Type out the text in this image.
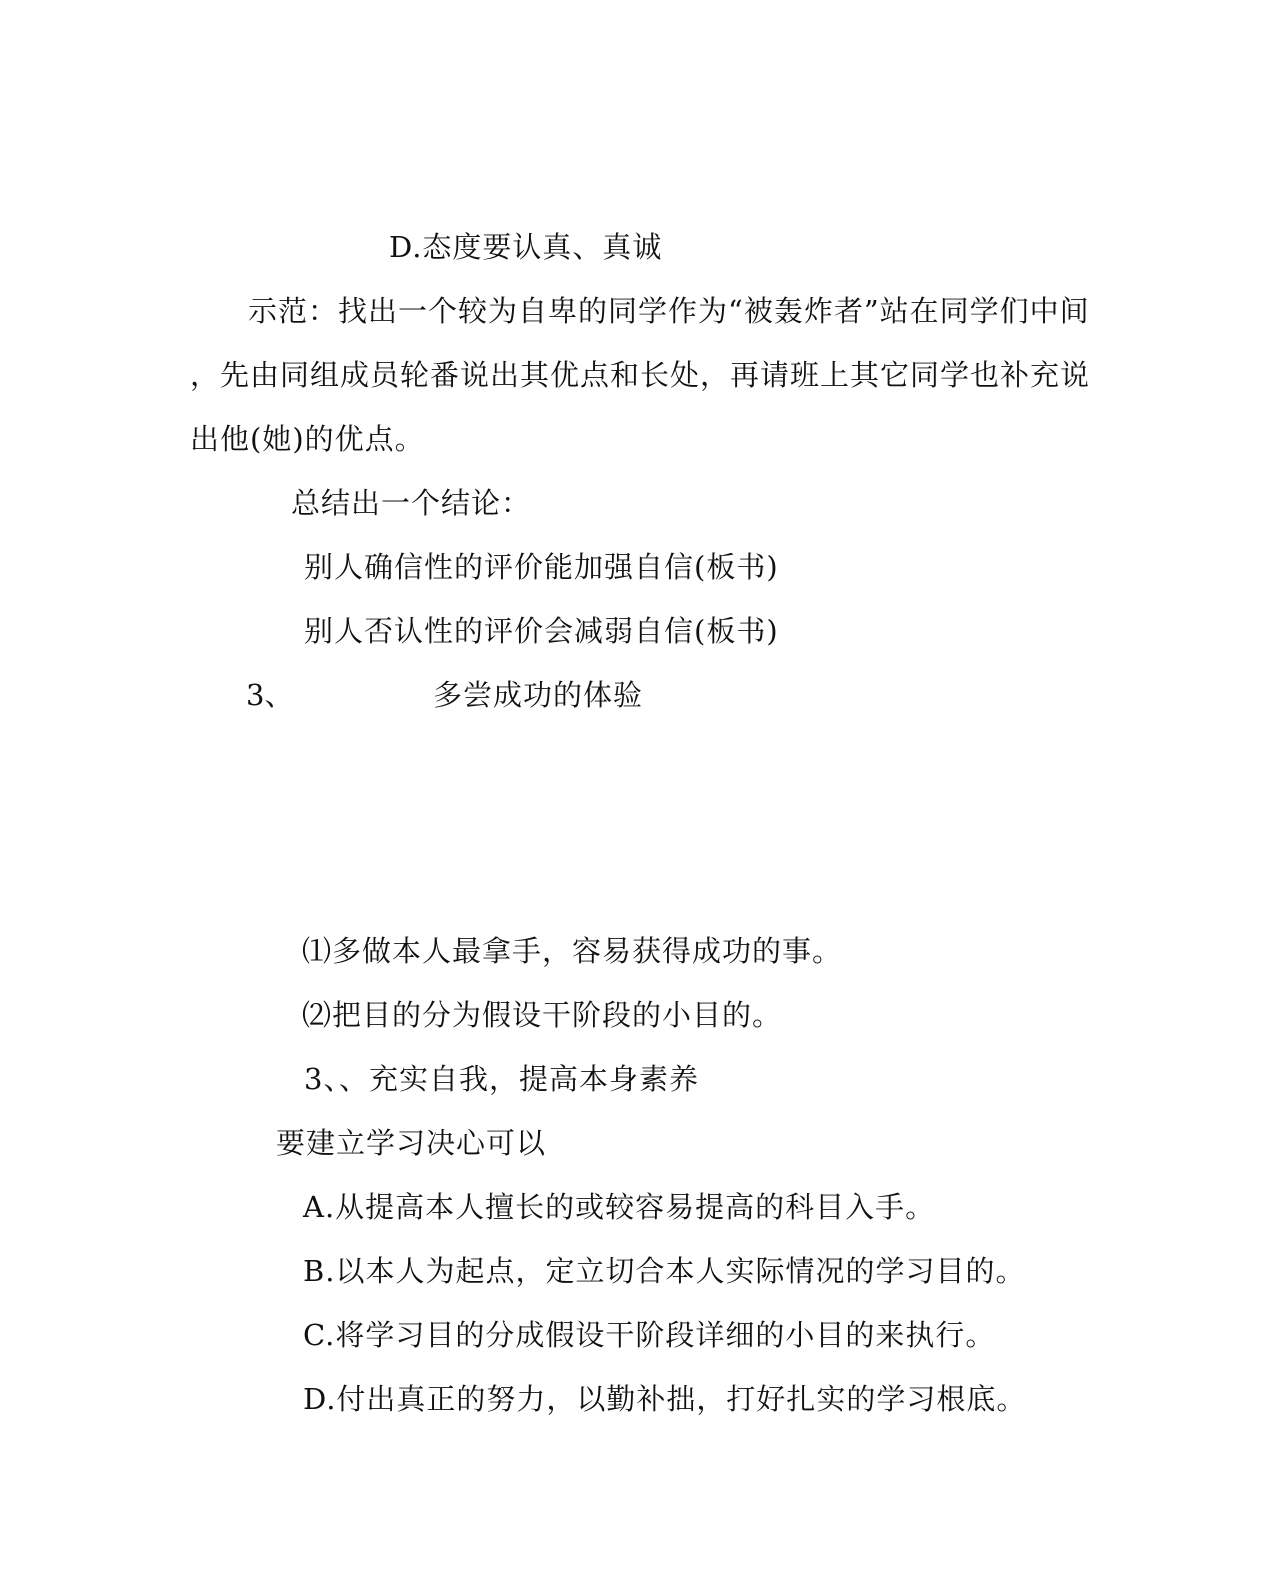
D.态度要认真、真诚
示范：找出一个较为自卑的同学作为“被轰炸者”站在同学们中间
，先由同组成员轮番说出其优点和长处，再请班上其它同学也补充说
出他(她)的优点。
总结出一个结论：
别人确信性的评价能加强自信(板书)
别人否认性的评价会减弱自信(板书)
3、	多尝成功的体验
⑴多做本人最拿手，容易获得成功的事。
⑵把目的分为假设干阶段的小目的。
3、、充实自我，提高本身素养
要建立学习决心可以
A.从提高本人擅长的或较容易提高的科目入手。
B.以本人为起点，定立切合本人实际情况的学习目的。
C.将学习目的分成假设干阶段详细的小目的来执行。
D.付出真正的努力，以勤补拙，打好扎实的学习根底。
